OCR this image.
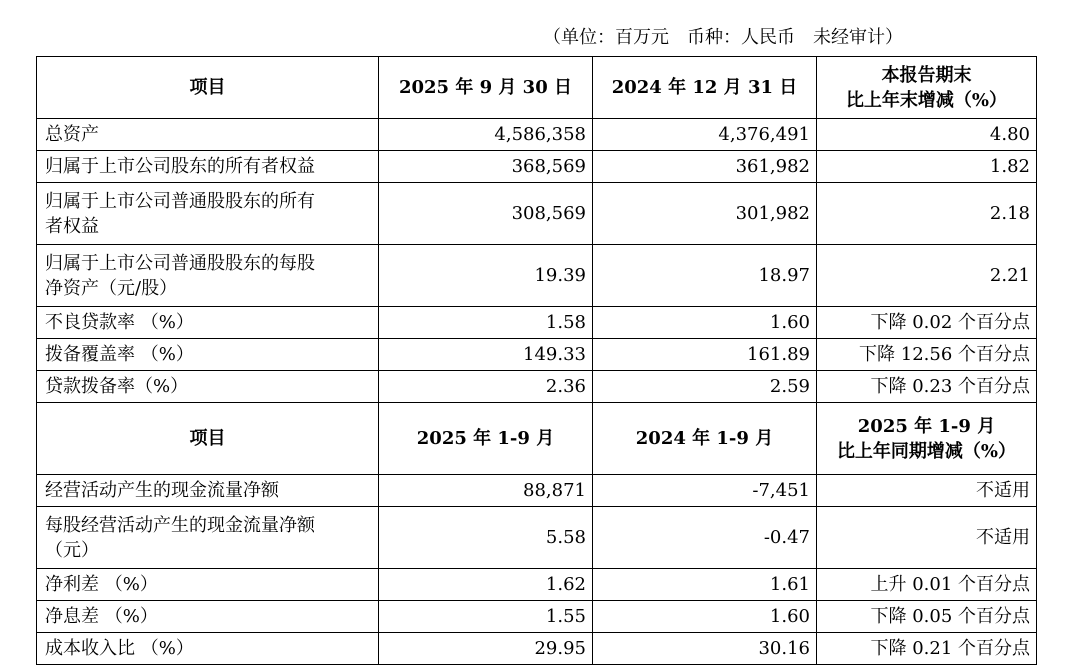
（单位：百万元　币种：人民币　未经审计）
项目	2025 年 9 月 30 日	2024 年 12 月 31 日	本报告期末
比上年末增减（%）

总资产	4,586,358	4,376,491	4.80
归属于上市公司股东的所有者权益	368,569	361,982	1.82

归属于上市公司普通股股东的所有
者权益	308,569	301,982	2.18

归属于上市公司普通股股东的每股
净资产（元/股）	19.39	18.97	2.21
不良贷款率 （%）	1.58	1.60	下降 0.02 个百分点
拨备覆盖率 （%）	149.33	161.89	下降 12.56 个百分点
贷款拨备率（%）	2.36	2.59	下降 0.23 个百分点
项目	2025 年 1-9 月	2024 年 1-9 月	2025 年 1-9 月
比上年同期增减（%）

经营活动产生的现金流量净额	88,871	-7,451	不适用

每股经营活动产生的现金流量净额
（元）	5.58	-0.47	不适用
净利差 （%）	1.62	1.61	上升 0.01 个百分点
净息差 （%）	1.55	1.60	下降 0.05 个百分点
成本收入比 （%）	29.95	30.16	下降 0.21 个百分点
